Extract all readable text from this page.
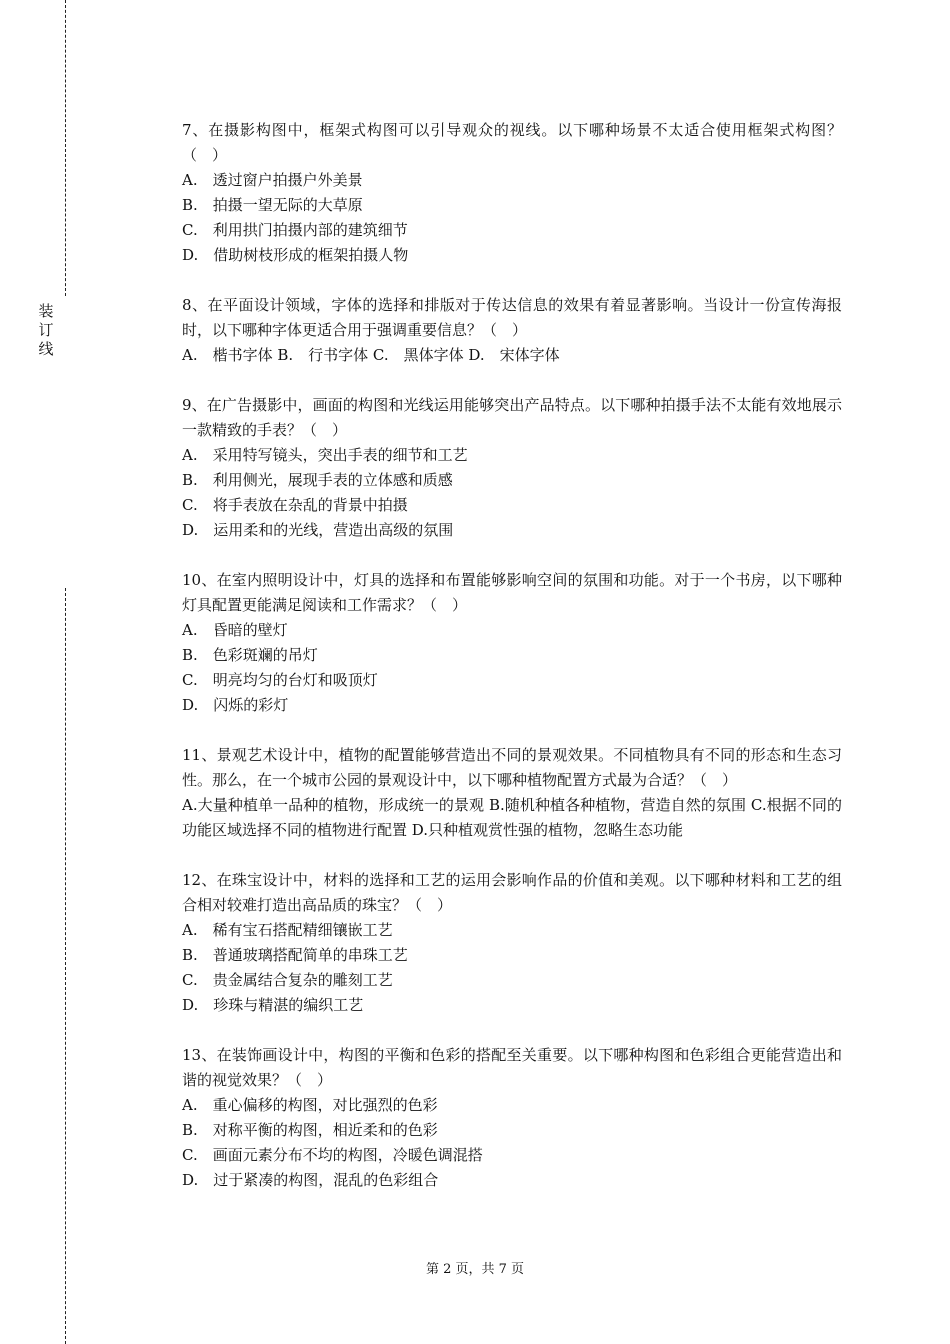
装
订
线

7、在摄影构图中，框架式构图可以引导观众的视线。以下哪种场景不太适合使用框架式构图？（　）

A.　透过窗户拍摄户外美景

B.　拍摄一望无际的大草原

C.　利用拱门拍摄内部的建筑细节

D.　借助树枝形成的框架拍摄人物

8、在平面设计领域，字体的选择和排版对于传达信息的效果有着显著影响。当设计一份宣传海报时，以下哪种字体更适合用于强调重要信息？（　）

A.　楷书字体 B.　行书字体 C.　黑体字体 D.　宋体字体

9、在广告摄影中，画面的构图和光线运用能够突出产品特点。以下哪种拍摄手法不太能有效地展示一款精致的手表？（　）

A.　采用特写镜头，突出手表的细节和工艺

B.　利用侧光，展现手表的立体感和质感

C.　将手表放在杂乱的背景中拍摄

D.　运用柔和的光线，营造出高级的氛围

10、在室内照明设计中，灯具的选择和布置能够影响空间的氛围和功能。对于一个书房，以下哪种灯具配置更能满足阅读和工作需求？（　）

A.　昏暗的壁灯

B.　色彩斑斓的吊灯

C.　明亮均匀的台灯和吸顶灯

D.　闪烁的彩灯

11、景观艺术设计中，植物的配置能够营造出不同的景观效果。不同植物具有不同的形态和生态习性。那么，在一个城市公园的景观设计中，以下哪种植物配置方式最为合适？（　）

A.大量种植单一品种的植物，形成统一的景观 B.随机种植各种植物，营造自然的氛围 C.根据不同的功能区域选择不同的植物进行配置 D.只种植观赏性强的植物，忽略生态功能

12、在珠宝设计中，材料的选择和工艺的运用会影响作品的价值和美观。以下哪种材料和工艺的组合相对较难打造出高品质的珠宝？（　）

A.　稀有宝石搭配精细镶嵌工艺

B.　普通玻璃搭配简单的串珠工艺

C.　贵金属结合复杂的雕刻工艺

D.　珍珠与精湛的编织工艺

13、在装饰画设计中，构图的平衡和色彩的搭配至关重要。以下哪种构图和色彩组合更能营造出和谐的视觉效果？（　）

A.　重心偏移的构图，对比强烈的色彩

B.　对称平衡的构图，相近柔和的色彩

C.　画面元素分布不均的构图，冷暖色调混搭

D.　过于紧凑的构图，混乱的色彩组合

第 2 页，共 7 页
